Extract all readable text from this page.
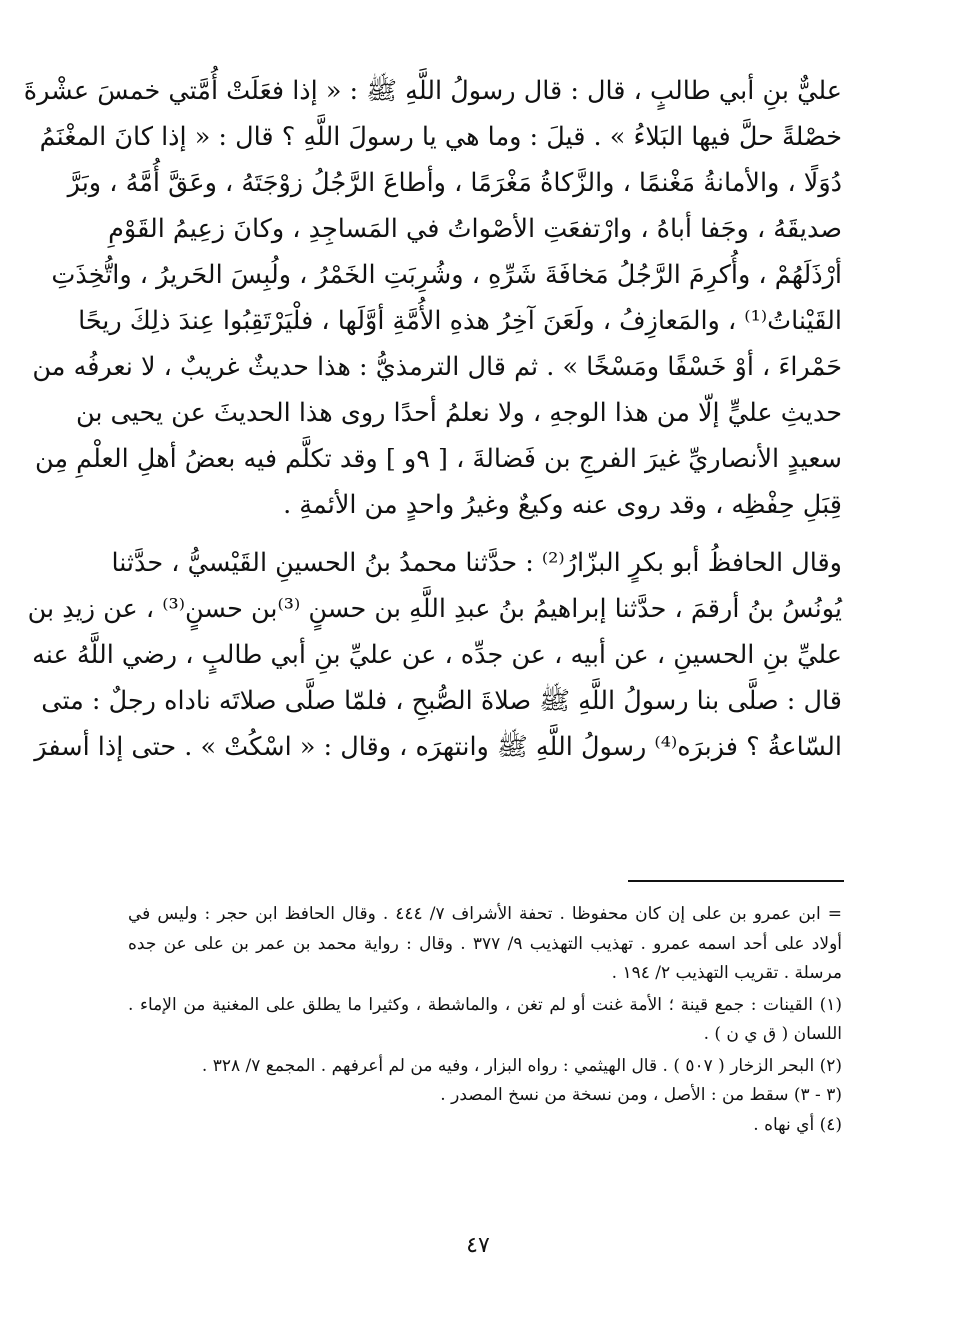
عليٌّ بنِ أبي طالبٍ ، قال : قال رسولُ اللَّهِ ﷺ : « إذا فعَلَتْ أُمَّتي خمسَ عشْرةَ
خصْلةً حلَّ فيها البَلاءُ » . قيلَ : وما هي يا رسولَ اللَّهِ ؟ قال : « إذا كانَ المغْنَمُ
دُوَلًا ، والأمانةُ مَغْنمًا ، والزَّكاةُ مَغْرَمًا ، وأطاعَ الرَّجُلُ زوْجَتَهُ ، وعَقَّ أُمَّهُ ، وبَرَّ
صديقَهُ ، وجَفا أباهُ ، وارْتفعَتِ الأصْواتُ في المَساجِدِ ، وكانَ زعِيمُ القَوْمِ
أرْذَلَهُمْ ، وأُكرِمَ الرَّجُلُ مَخافَةَ شَرِّهِ ، وشُرِبَتِ الخَمْرُ ، ولُبِسَ الحَريرُ ، واتُّخِذَتِ
القَيْناتُ⁽¹⁾ ، والمَعازِفُ ، ولَعَنَ آخِرُ هذهِ الأُمَّةِ أوَّلَها ، فلْيَرْتَقِبُوا عِندَ ذلِكَ ريحًا
حَمْراءَ ، أوْ خَسْفًا ومَسْخًا » . ثم قال الترمذيُّ : هذا حديثٌ غريبٌ ، لا نعرفُه من
حديثِ عليٍّ إلّا من هذا الوجهِ ، ولا نعلمُ أحدًا روى هذا الحديثَ عن يحيى بن
سعيدٍ الأنصاريِّ غيرَ الفرجِ بن فَضالةَ ، [ ٩و ] وقد تكلَّم فيه بعضُ أهلِ العلْمِ مِن
قِبَلِ حِفْظِه ، وقد روى عنه وكيعٌ وغيرُ واحدٍ من الأئمةِ .
وقال الحافظُ أبو بكرٍ البزّارُ⁽²⁾ : حدَّثنا محمدُ بنُ الحسينِ القَيْسيُّ ، حدَّثنا
يُونُسُ بنُ أرقمَ ، حدَّثنا إبراهيمُ بنُ عبدِ اللَّهِ بن حسنٍ ⁽³⁾بن حسنٍ⁽³⁾ ، عن زيدِ بن
عليِّ بنِ الحسينِ ، عن أبيه ، عن جدِّه ، عن عليِّ بنِ أبي طالبٍ ، رضي اللَّهُ عنه
قال : صلَّى بنا رسولُ اللَّهِ ﷺ صلاةَ الصُّبحِ ، فلمّا صلَّى صلاتَه ناداه رجلٌ : متى
السّاعةُ ؟ فزبرَه⁽⁴⁾ رسولُ اللَّهِ ﷺ وانتهرَه ، وقال : « اسْكُتْ » . حتى إذا أسفرَ
= ابن عمرو بن على إن كان محفوظا . تحفة الأشراف ٧/ ٤٤٤ . وقال الحافظ ابن حجر : وليس في
أولاد على أحد اسمه عمرو . تهذيب التهذيب ٩/ ٣٧٧ . وقال : رواية محمد بن عمر بن على عن جده
مرسلة . تقريب التهذيب ٢/ ١٩٤ .
(١) القينات : جمع قينة ؛ الأمة غنت أو لم تغن ، والماشطة ، وكثيرا ما يطلق على المغنية من الإماء .
اللسان ( ق ي ن ) .
(٢) البحر الزخار ( ٥٠٧ ) . قال الهيثمي : رواه البزار ، وفيه من لم أعرفهم . المجمع ٧/ ٣٢٨ .
(٣ - ٣) سقط من : الأصل ، ومن نسخة من نسخ المصدر .
(٤) أي نهاه .
٤٧
